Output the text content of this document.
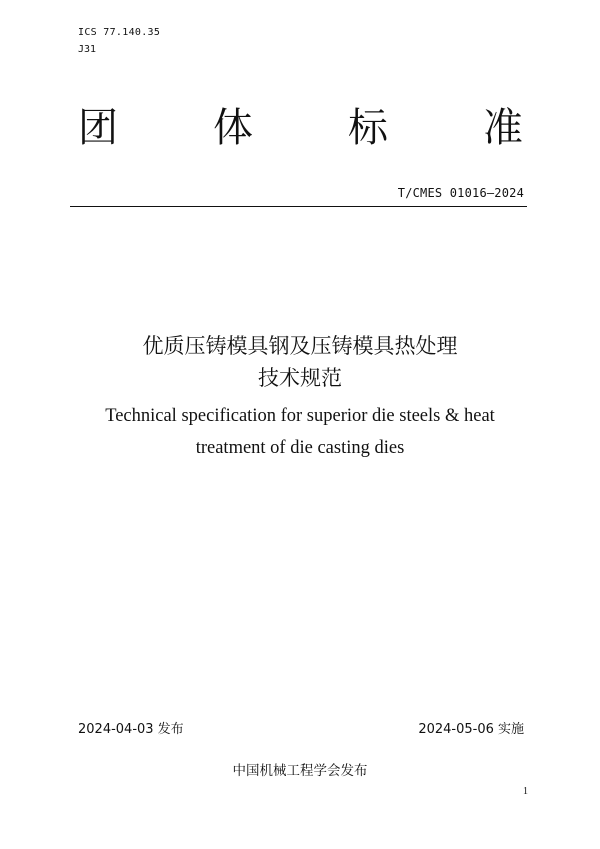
ICS 77.140.35
J31
团 体 标 准
T/CMES 01016—2024
优质压铸模具钢及压铸模具热处理
技术规范
Technical specification for superior die steels & heat
treatment of die casting dies
2024-04-03 发布	2024-05-06 实施
中国机械工程学会发布
1
